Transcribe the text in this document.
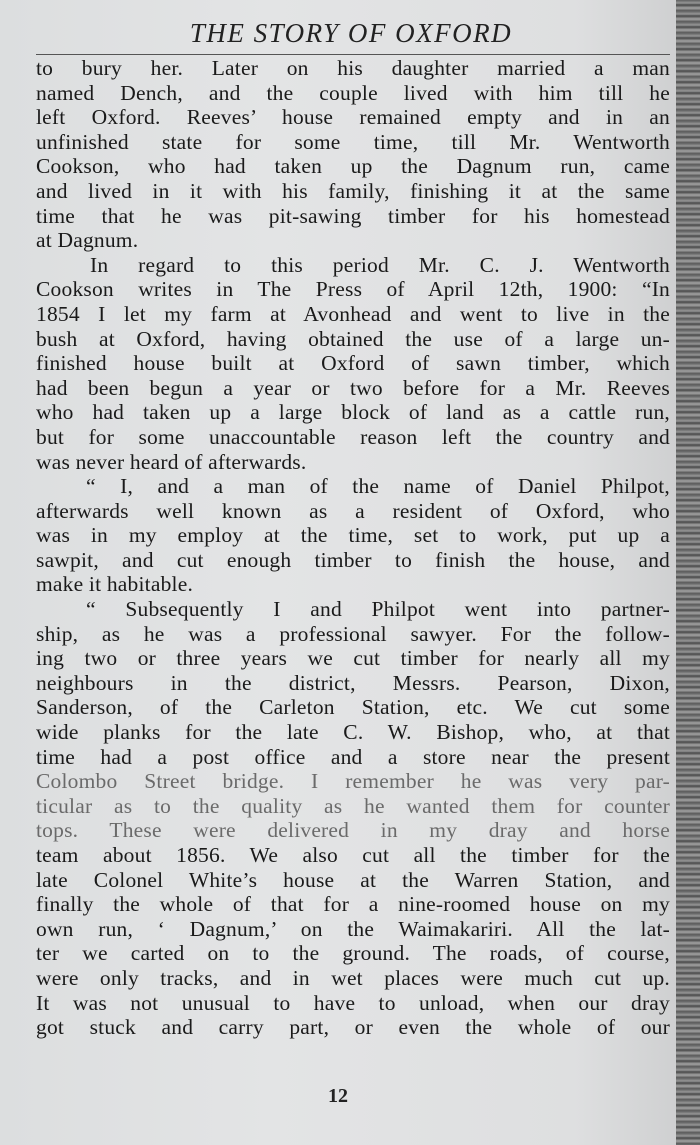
THE STORY OF OXFORD
to bury her. Later on his daughter married a man
named Dench, and the couple lived with him till he
left Oxford. Reeves’ house remained empty and in an
unfinished state for some time, till Mr. Wentworth
Cookson, who had taken up the Dagnum run, came
and lived in it with his family, finishing it at the same
time that he was pit-sawing timber for his homestead
at Dagnum.
In regard to this period Mr. C. J. Wentworth
Cookson writes in The Press of April 12th, 1900: “In
1854 I let my farm at Avonhead and went to live in the
bush at Oxford, having obtained the use of a large un-
finished house built at Oxford of sawn timber, which
had been begun a year or two before for a Mr. Reeves
who had taken up a large block of land as a cattle run,
but for some unaccountable reason left the country and
was never heard of afterwards.
“ I, and a man of the name of Daniel Philpot,
afterwards well known as a resident of Oxford, who
was in my employ at the time, set to work, put up a
sawpit, and cut enough timber to finish the house, and
make it habitable.
“ Subsequently I and Philpot went into partner-
ship, as he was a professional sawyer. For the follow-
ing two or three years we cut timber for nearly all my
neighbours in the district, Messrs. Pearson, Dixon,
Sanderson, of the Carleton Station, etc. We cut some
wide planks for the late C. W. Bishop, who, at that
time had a post office and a store near the present
Colombo Street bridge. I remember he was very par-
ticular as to the quality as he wanted them for counter
tops. These were delivered in my dray and horse
team about 1856. We also cut all the timber for the
late Colonel White’s house at the Warren Station, and
finally the whole of that for a nine-roomed house on my
own run, ‘ Dagnum,’ on the Waimakariri. All the lat-
ter we carted on to the ground. The roads, of course,
were only tracks, and in wet places were much cut up.
It was not unusual to have to unload, when our dray
got stuck and carry part, or even the whole of our
12
